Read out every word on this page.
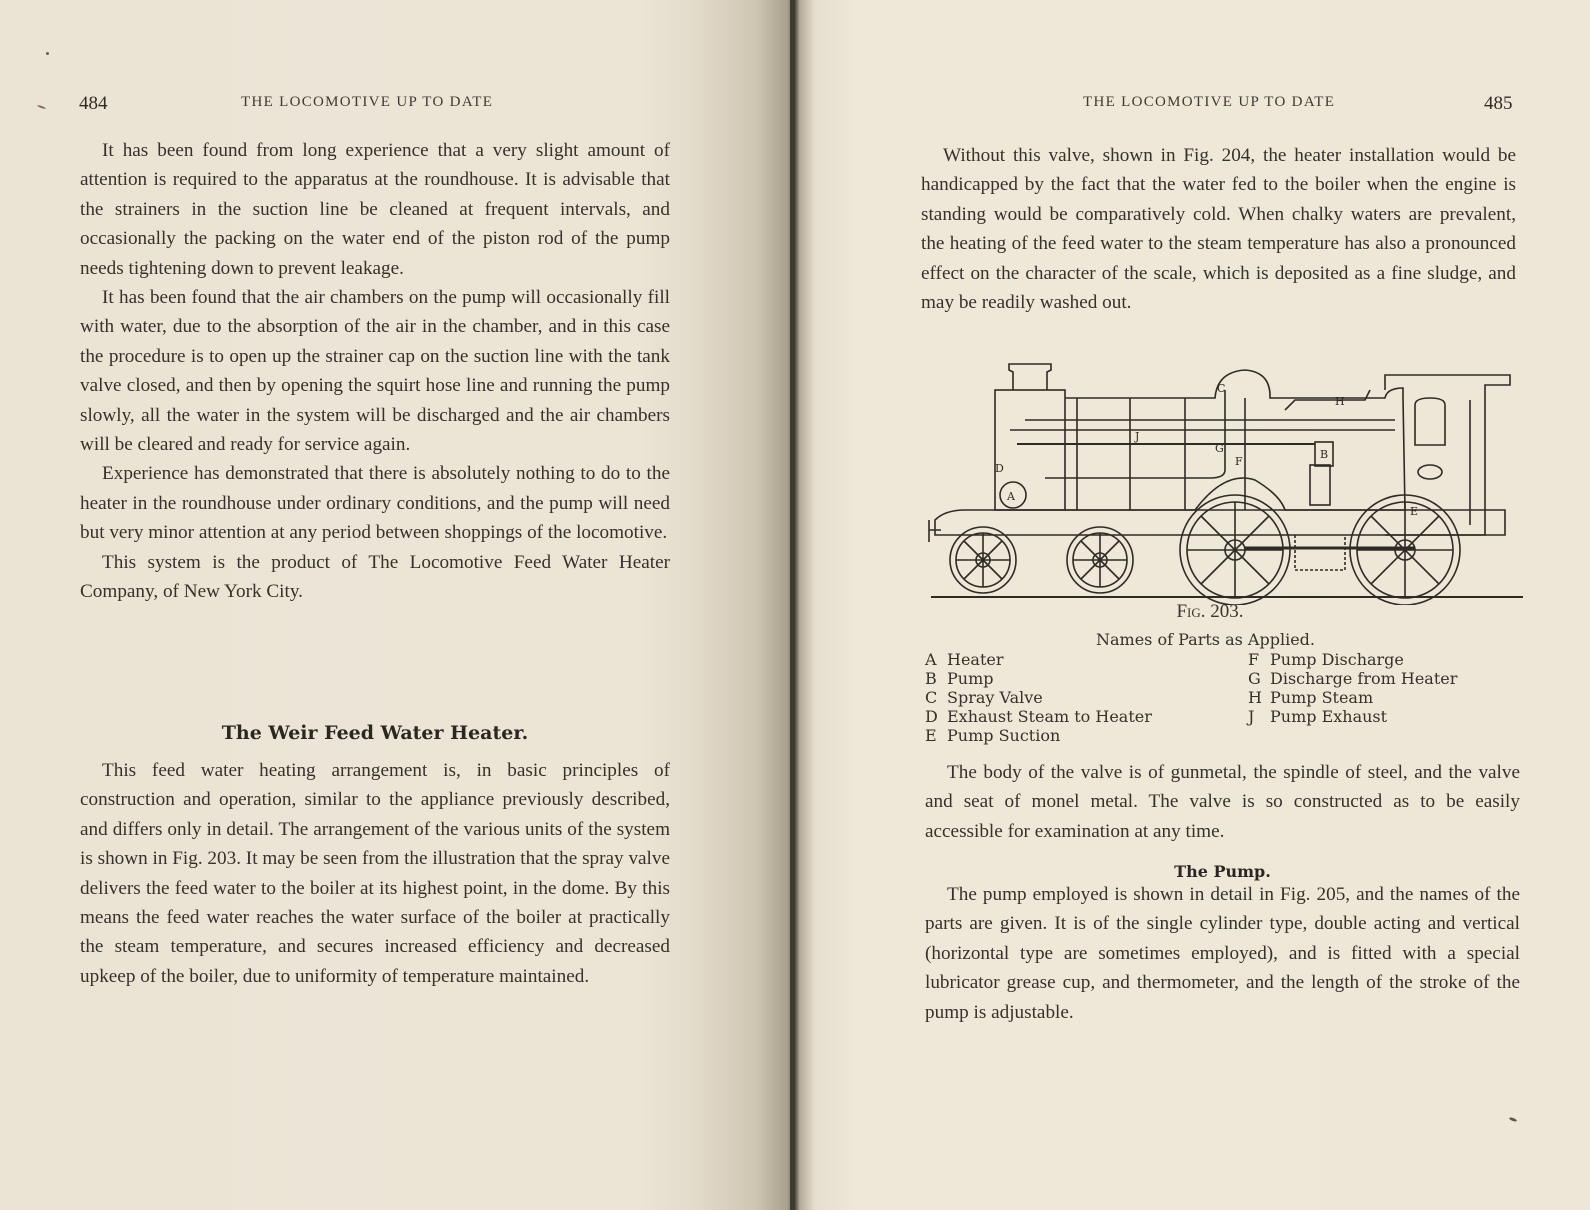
484	THE LOCOMOTIVE UP TO DATE

It has been found from long experience that a very slight amount of attention is required to the apparatus at the roundhouse. It is advisable that the strainers in the suction line be cleaned at frequent intervals, and occasionally the packing on the water end of the piston rod of the pump needs tightening down to prevent leakage.

It has been found that the air chambers on the pump will occasionally fill with water, due to the absorption of the air in the chamber, and in this case the procedure is to open up the strainer cap on the suction line with the tank valve closed, and then by opening the squirt hose line and running the pump slowly, all the water in the system will be discharged and the air chambers will be cleared and ready for service again.

Experience has demonstrated that there is absolutely nothing to do to the heater in the roundhouse under ordinary conditions, and the pump will need but very minor attention at any period between shoppings of the locomotive.

This system is the product of The Locomotive Feed Water Heater Company, of New York City.

The Weir Feed Water Heater.

This feed water heating arrangement is, in basic principles of construction and operation, similar to the appliance previously described, and differs only in detail. The arrangement of the various units of the system is shown in Fig. 203. It may be seen from the illustration that the spray valve delivers the feed water to the boiler at its highest point, in the dome. By this means the feed water reaches the water surface of the boiler at practically the steam temperature, and secures increased efficiency and decreased upkeep of the boiler, due to uniformity of temperature maintained.

THE LOCOMOTIVE UP TO DATE	485

Without this valve, shown in Fig. 204, the heater installation would be handicapped by the fact that the water fed to the boiler when the engine is standing would be comparatively cold. When chalky waters are prevalent, the heating of the feed water to the steam temperature has also a pronounced effect on the character of the scale, which is deposited as a fine sludge, and may be readily washed out.

A
B
C
D
E
F
G
H
J
Fig. 203.
Names of Parts as Applied.
A Heater
B Pump
C Spray Valve
D Exhaust Steam to Heater
E Pump Suction
F Pump Discharge
G Discharge from Heater
H Pump Steam
J Pump Exhaust

The body of the valve is of gunmetal, the spindle of steel, and the valve and seat of monel metal. The valve is so constructed as to be easily accessible for examination at any time.

The Pump.

The pump employed is shown in detail in Fig. 205, and the names of the parts are given. It is of the single cylinder type, double acting and vertical (horizontal type are sometimes employed), and is fitted with a special lubricator grease cup, and thermometer, and the length of the stroke of the pump is adjustable.
